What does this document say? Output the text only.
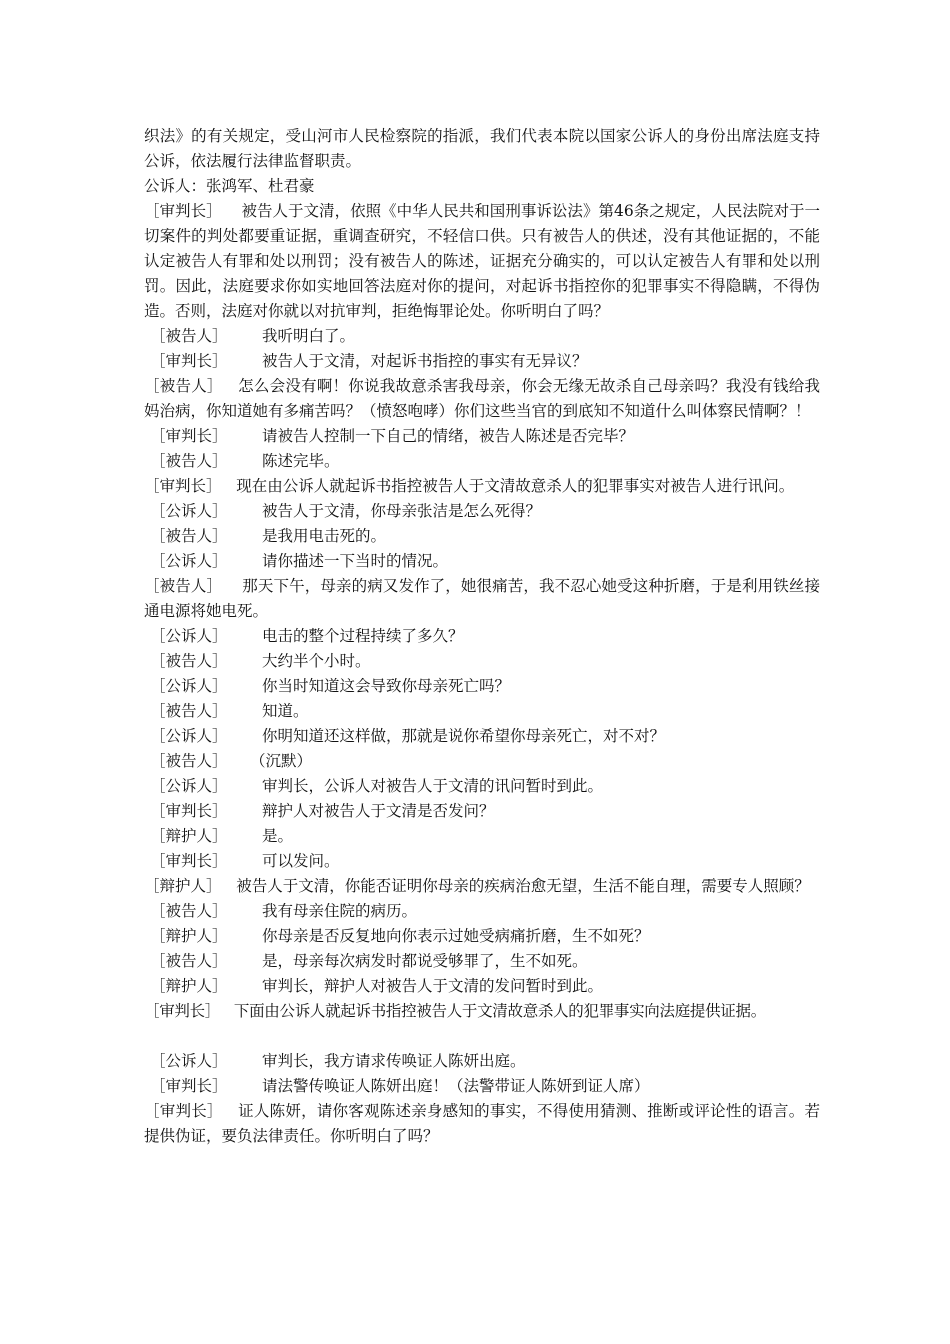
织法》的有关规定，受山河市人民检察院的指派，我们代表本院以国家公诉人的身份出席法庭支持公诉，依法履行法律监督职责。

公诉人：张鸿军、杜君豪

［审判长］ 被告人于文清，依照《中华人民共和国刑事诉讼法》第46条之规定，人民法院对于一切案件的判处都要重证据，重调查研究，不轻信口供。只有被告人的供述，没有其他证据的，不能认定被告人有罪和处以刑罚；没有被告人的陈述，证据充分确实的，可以认定被告人有罪和处以刑罚。因此，法庭要求你如实地回答法庭对你的提问，对起诉书指控你的犯罪事实不得隐瞒，不得伪造。否则，法庭对你就以对抗审判，拒绝悔罪论处。你听明白了吗？

［被告人］	我听明白了。
［审判长］	被告人于文清，对起诉书指控的事实有无异议？

［被告人］ 怎么会没有啊！你说我故意杀害我母亲，你会无缘无故杀自己母亲吗？我没有钱给我妈治病，你知道她有多痛苦吗？（愤怒咆哮）你们这些当官的到底知不知道什么叫体察民情啊？！

［审判长］	请被告人控制一下自己的情绪，被告人陈述是否完毕？
［被告人］	陈述完毕。

［审判长］ 现在由公诉人就起诉书指控被告人于文清故意杀人的犯罪事实对被告人进行讯问。

［公诉人］	被告人于文清，你母亲张洁是怎么死得？
［被告人］	是我用电击死的。
［公诉人］	请你描述一下当时的情况。

［被告人］ 那天下午，母亲的病又发作了，她很痛苦，我不忍心她受这种折磨，于是利用铁丝接通电源将她电死。

［公诉人］	电击的整个过程持续了多久？
［被告人］	大约半个小时。
［公诉人］	你当时知道这会导致你母亲死亡吗？
［被告人］	知道。
［公诉人］	你明知道还这样做，那就是说你希望你母亲死亡，对不对？
［被告人］	（沉默）
［公诉人］	审判长，公诉人对被告人于文清的讯问暂时到此。
［审判长］	辩护人对被告人于文清是否发问？
［辩护人］	是。
［审判长］	可以发问。

［辩护人］ 被告人于文清，你能否证明你母亲的疾病治愈无望，生活不能自理，需要专人照顾？

［被告人］	我有母亲住院的病历。
［辩护人］	你母亲是否反复地向你表示过她受病痛折磨，生不如死？
［被告人］	是，母亲每次病发时都说受够罪了，生不如死。
［辩护人］	审判长，辩护人对被告人于文清的发问暂时到此。

［审判长］ 下面由公诉人就起诉书指控被告人于文清故意杀人的犯罪事实向法庭提供证据。

［公诉人］	审判长，我方请求传唤证人陈妍出庭。
［审判长］	请法警传唤证人陈妍出庭！（法警带证人陈妍到证人席）

［审判长］ 证人陈妍，请你客观陈述亲身感知的事实，不得使用猜测、推断或评论性的语言。若提供伪证，要负法律责任。你听明白了吗？
